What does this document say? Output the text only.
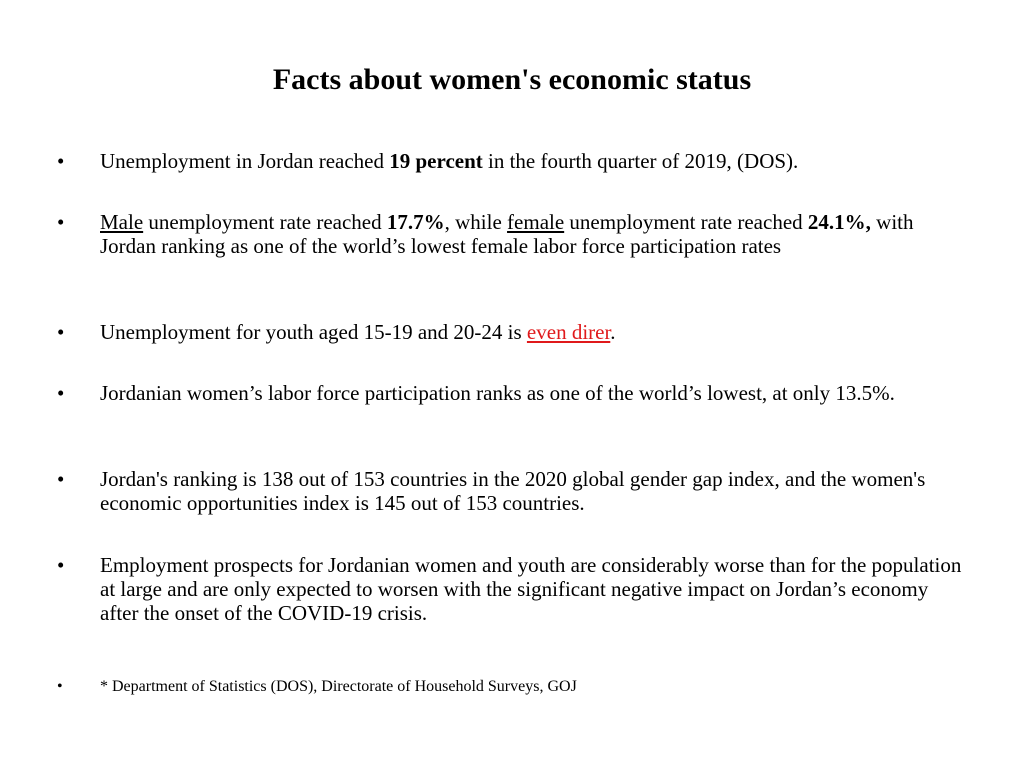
Facts about women's economic status
• Unemployment in Jordan reached 19 percent in the fourth quarter of 2019, (DOS).
• Male unemployment rate reached 17.7%, while female unemployment rate reached 24.1%, with Jordan ranking as one of the world’s lowest female labor force participation rates
• Unemployment for youth aged 15-19 and 20-24 is even direr.
• Jordanian women’s labor force participation ranks as one of the world’s lowest, at only 13.5%.
• Jordan's ranking is 138 out of 153 countries in the 2020 global gender gap index, and the women's economic opportunities index is 145 out of 153 countries.
• Employment prospects for Jordanian women and youth are considerably worse than for the population at large and are only expected to worsen with the significant negative impact on Jordan’s economy after the onset of the COVID-19 crisis.
• * Department of Statistics (DOS), Directorate of Household Surveys, GOJ
